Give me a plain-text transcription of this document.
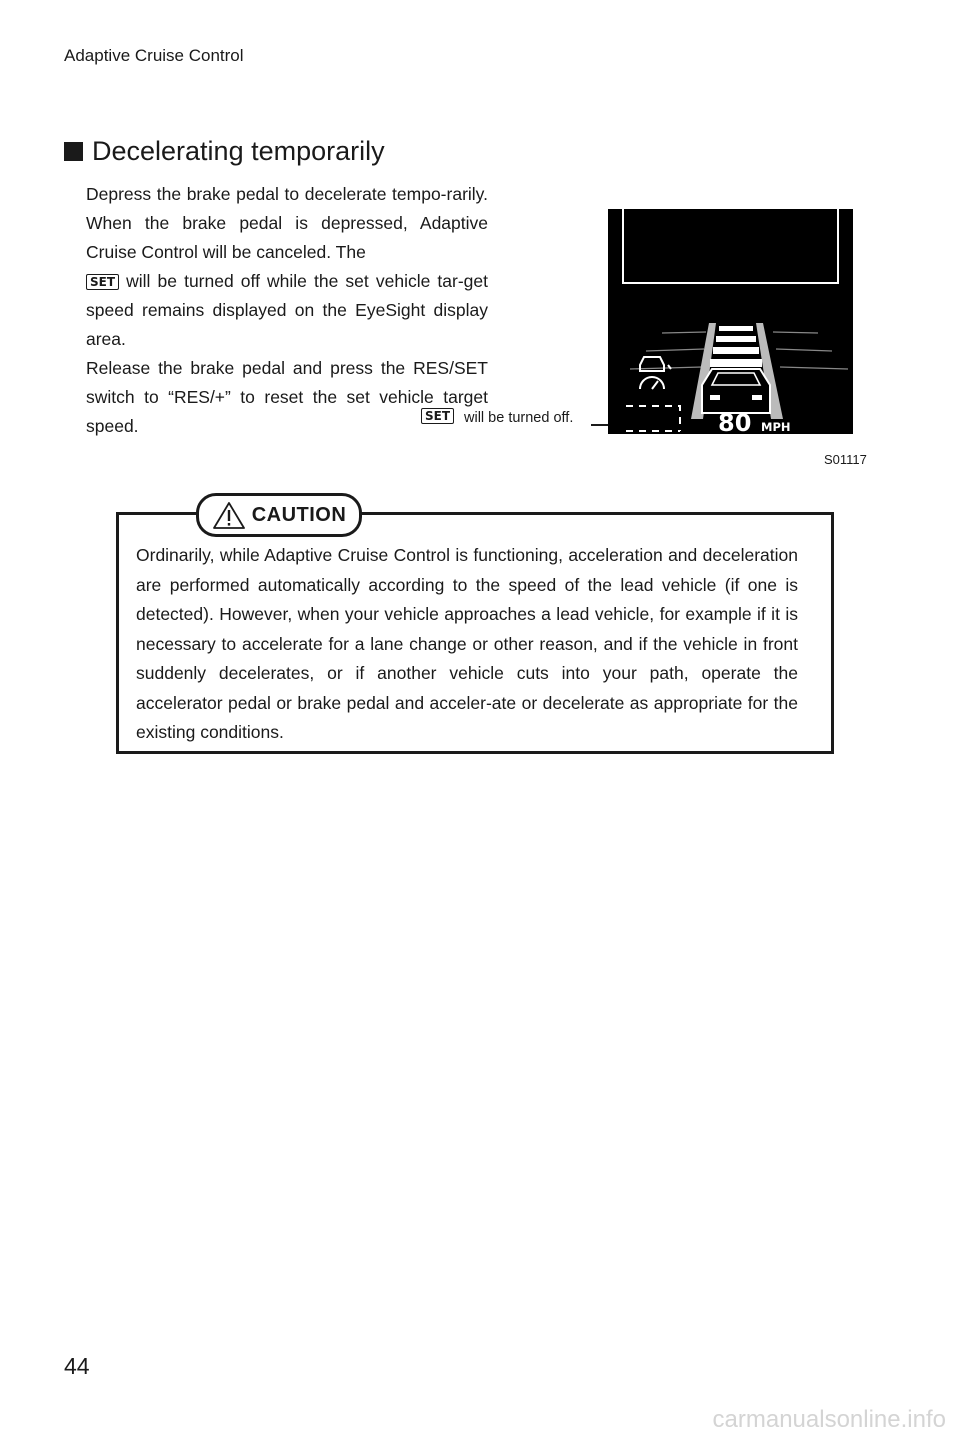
Adaptive Cruise Control
Decelerating temporarily

Depress the brake pedal to decelerate tempo-rarily. When the brake pedal is depressed, Adaptive Cruise Control will be canceled. The
SET will be turned off while the set vehicle tar-get speed remains displayed on the EyeSight display area.
Release the brake pedal and press the RES/SET switch to “RES/+” to reset the set vehicle target speed.	SET will be turned off.	80 MPH
S01117
CAUTION

Ordinarily, while Adaptive Cruise Control is functioning, acceleration and deceleration are performed automatically according to the speed of the lead vehicle (if one is detected). However, when your vehicle approaches a lead vehicle, for example if it is necessary to accelerate for a lane change or other reason, and if the vehicle in front suddenly decelerates, or if another vehicle cuts into your path, operate the accelerator pedal or brake pedal and acceler-ate or decelerate as appropriate for the existing conditions.

44
carmanualsonline.info
